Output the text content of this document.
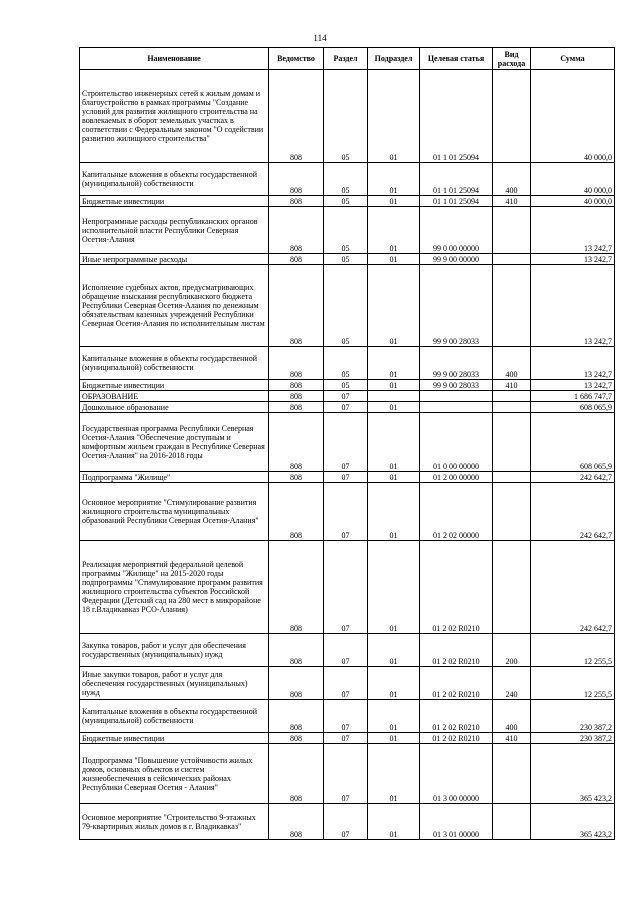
114
Наименование	Ведомство	Раздел	Подраздел	Целевая статья	Вид расхода	Сумма
Строительство инженерных сетей к жилым домам и благоустройство в рамках программы "Создание условий для развития жилищного строительства на вовлекаемых в оборот земельных участках в соответствии с Федеральным законом "О содействии развитию жилищного строительства"	808	05	01	01 1 01 25094		40 000,0
Капитальные вложения в объекты государственной (муниципальной) собственности	808	05	01	01 1 01 25094	400	40 000,0
Бюджетные инвестиции	808	05	01	01 1 01 25094	410	40 000,0
Непрограммные расходы республиканских органов исполнительной власти Республики Северная Осетия-Алания	808	05	01	99 0 00 00000		13 242,7
Иные непрограммные расходы	808	05	01	99 9 00 00000		13 242,7
Исполнение судебных актов, предусматривающих обращение взыскания республиканского бюджета Республики Северная Осетия-Алания по денежным обязательствам казенных учреждений Республики Северная Осетия-Алания по исполнительным листам	808	05	01	99 9 00 28033		13 242,7
Капитальные вложения в объекты государственной (муниципальной) собственности	808	05	01	99 9 00 28033	400	13 242,7
Бюджетные инвестиции	808	05	01	99 9 00 28033	410	13 242,7
ОБРАЗОВАНИЕ	808	07				1 686 747,7
Дошкольное образование	808	07	01			608 065,9
Государственная программа Республики Северная Осетия-Алания "Обеспечение доступным и комфортным жильем граждан в Республике Северная Осетия-Алания" на 2016-2018 годы	808	07	01	01 0 00 00000		608 065,9
Подпрограмма "Жилище"	808	07	01	01 2 00 00000		242 642,7
Основное мероприятие "Стимулирование развития жилищного строительства муниципальных образований Республики Северная Осетия-Алания"	808	07	01	01 2 02 00000		242 642,7
Реализация мероприятий федеральной целевой программы "Жилище" на 2015-2020 годы подпрограммы "Стимулирование программ развития жилищного строительства субъектов Российской Федерации (Детский сад на 280 мест в микрорайоне 18 г.Владикавказ РСО-Алания)	808	07	01	01 2 02 R0210		242 642,7
Закупка товаров, работ и услуг для обеспечения государственных (муниципальных) нужд	808	07	01	01 2 02 R0210	200	12 255,5
Иные закупки товаров, работ и услуг для обеспечения государственных (муниципальных) нужд	808	07	01	01 2 02 R0210	240	12 255,5
Капитальные вложения в объекты государственной (муниципальной) собственности	808	07	01	01 2 02 R0210	400	230 387,2
Бюджетные инвестиции	808	07	01	01 2 02 R0210	410	230 387,2
Подпрограмма "Повышение устойчивости жилых домов, основных объектов и систем жизнеобеспечения в сейсмических районах Республики Северная Осетия - Алания"	808	07	01	01 3 00 00000		365 423,2
Основное мероприятие "Строительство 9-этажных 79-квартирных жилых домов в г. Владикавказ"	808	07	01	01 3 01 00000		365 423,2
